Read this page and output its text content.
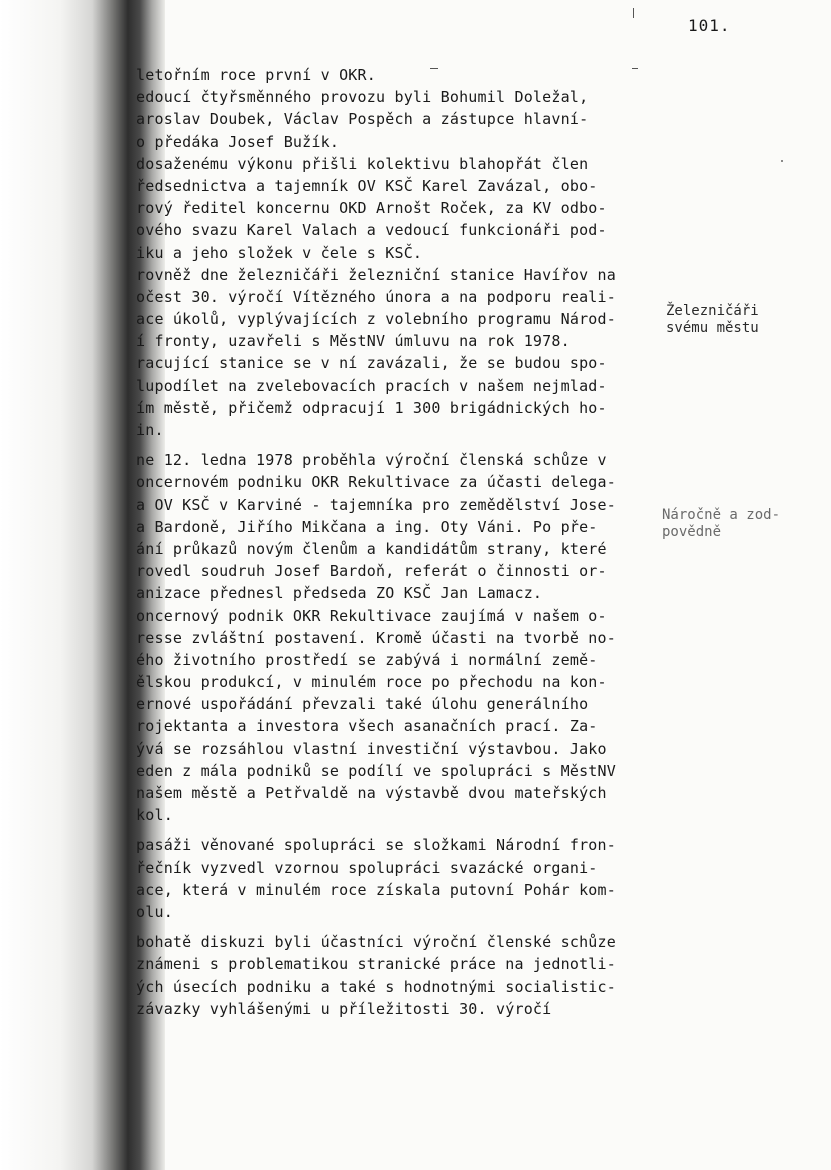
101.
letořním roce první v OKR.
edoucí čtyřsměnného provozu byli Bohumil Doležal,
aroslav Doubek, Václav Pospěch a zástupce hlavní-
o předáka Josef Bužík.
dosaženému výkonu přišli kolektivu blahopřát člen
ředsednictva a tajemník OV KSČ Karel Zavázal, obo-
rový ředitel koncernu OKD Arnošt Roček, za KV odbo-
ového svazu Karel Valach a vedoucí funkcionáři pod-
iku a jeho složek v čele s KSČ.
rovněž dne železničáři železniční stanice Havířov na
očest 30. výročí Vítězného února a na podporu reali-
ace úkolů, vyplývajících z volebního programu Národ-
í fronty, uzavřeli s MěstNV úmluvu na rok 1978.
racující stanice se v ní zavázali, že se budou spo-
lupodílet na zvelebovacích pracích v našem nejmlad-
ím městě, přičemž odpracují 1 300 brigádnických ho-
in.
ne 12. ledna 1978 proběhla výroční členská schůze v
oncernovém podniku OKR Rekultivace za účasti delega-
a OV KSČ v Karviné - tajemníka pro zemědělství Jose-
a Bardoně, Jiřího Mikčana a ing. Oty Váni. Po pře-
ání průkazů novým členům a kandidátům strany, které
rovedl soudruh Josef Bardoň, referát o činnosti or-
anizace přednesl předseda ZO KSČ Jan Lamacz.
oncernový podnik OKR Rekultivace zaujímá v našem o-
resse zvláštní postavení. Kromě účasti na tvorbě no-
ého životního prostředí se zabývá i normální země-
ělskou produkcí, v minulém roce po přechodu na kon-
ernové uspořádání převzali také úlohu generálního
rojektanta a investora všech asanačních prací. Za-
ývá se rozsáhlou vlastní investiční výstavbou. Jako
eden z mála podniků se podílí ve spolupráci s MěstNV
našem městě a Petřvaldě na výstavbě dvou mateřských
kol.
pasáži věnované spolupráci se složkami Národní fron-
řečník vyzvedl vzornou spolupráci svazácké organi-
ace, která v minulém roce získala putovní Pohár kom-
olu.
bohatě diskuzi byli účastníci výroční členské schůze
známeni s problematikou stranické práce na jednotli-
ých úsecích podniku a také s hodnotnými socialistic-
závazky vyhlášenými u příležitosti 30. výročí
Železničáři
svému městu
Náročně a zod-
povědně
